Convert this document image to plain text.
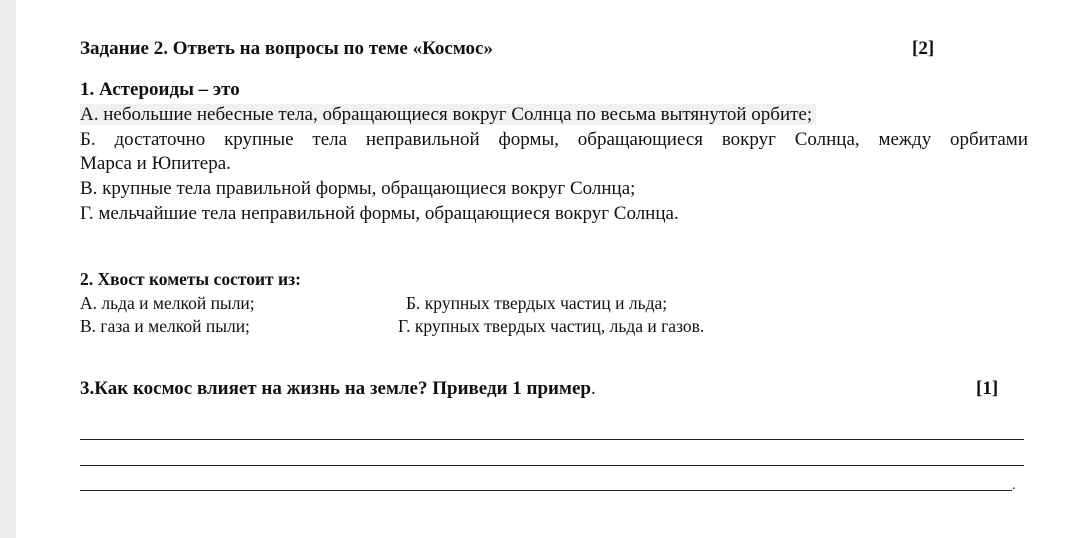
Задание 2. Ответь на вопросы по теме «Космос»	[2]
1. Астероиды – это
А. небольшие небесные тела, обращающиеся вокруг Солнца по весьма вытянутой орбите;
Б. достаточно крупные тела неправильной формы, обращающиеся вокруг Солнца, между орбитами
Марса и Юпитера.
В. крупные тела правильной формы, обращающиеся вокруг Солнца;
Г. мельчайшие тела неправильной формы, обращающиеся вокруг Солнца.
2. Хвост кометы состоит из:
А. льда и мелкой пыли;	Б. крупных твердых частиц и льда;
В. газа и мелкой пыли;	Г. крупных твердых частиц, льда и газов.
3.Как космос влияет на жизнь на земле? Приведи 1 пример.	[1]
.
